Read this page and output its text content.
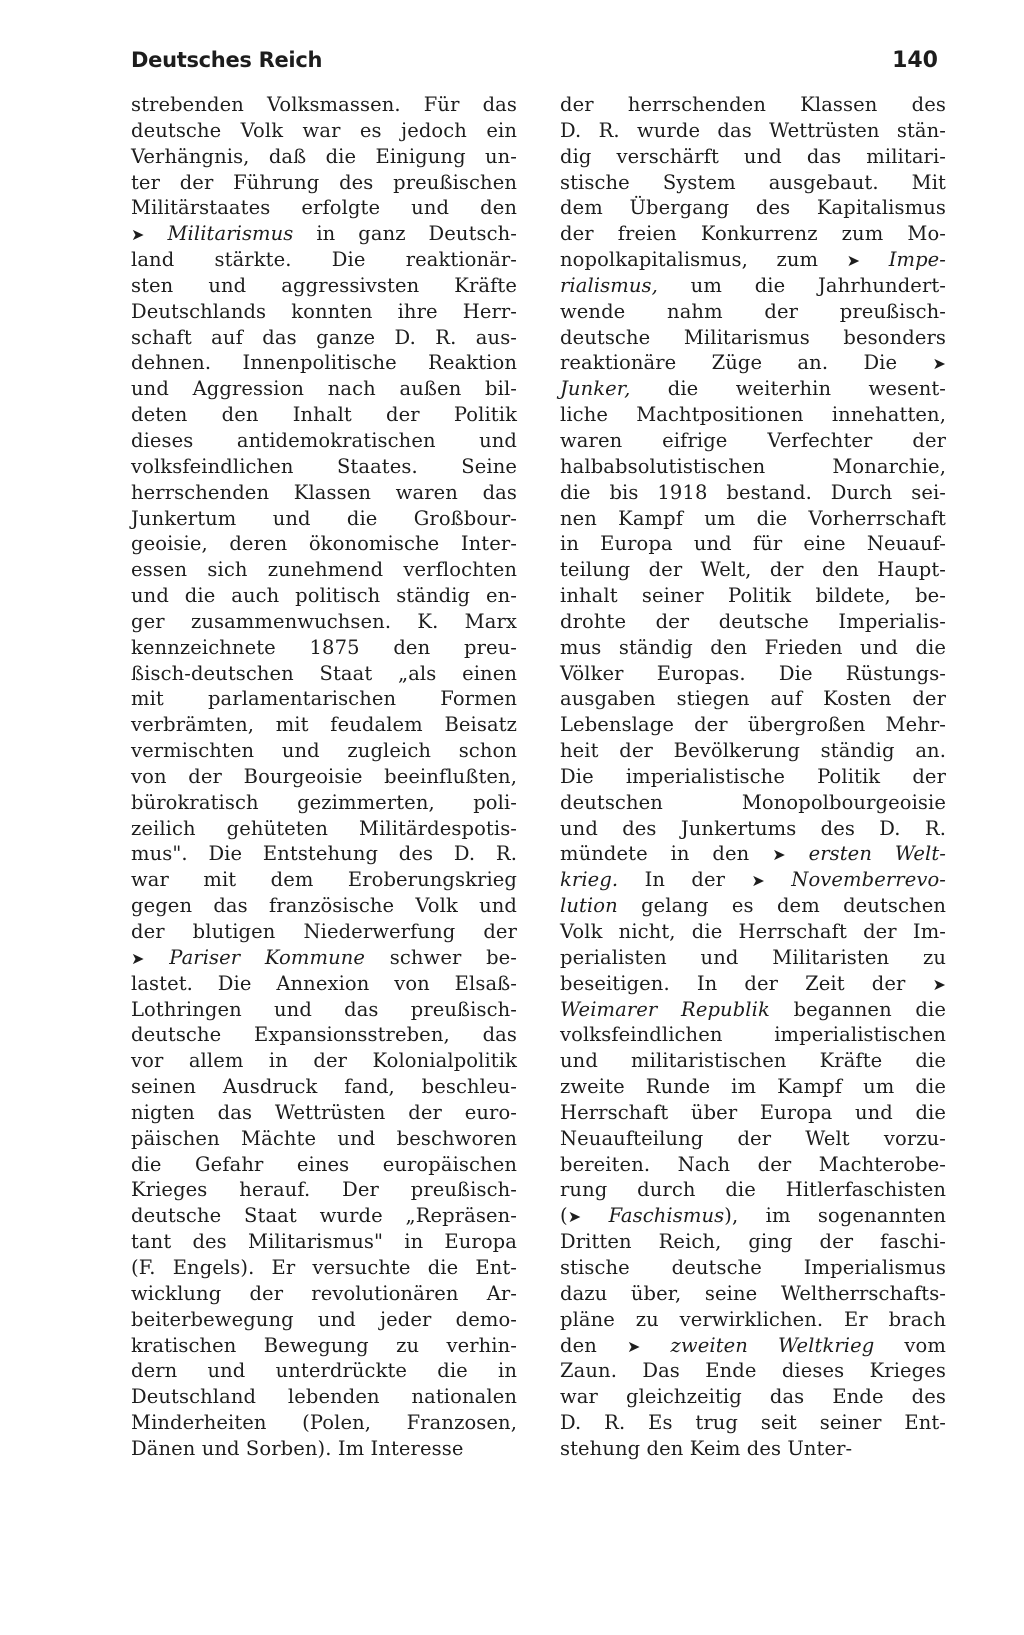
Deutsches Reich	140
strebenden Volksmassen. Für das
deutsche Volk war es jedoch ein
Verhängnis, daß die Einigung un-
ter der Führung des preußischen
Militärstaates erfolgte und den
➤ Militarismus in ganz Deutsch-
land stärkte. Die reaktionär-
sten und aggressivsten Kräfte
Deutschlands konnten ihre Herr-
schaft auf das ganze D. R. aus-
dehnen. Innenpolitische Reaktion
und Aggression nach außen bil-
deten den Inhalt der Politik
dieses antidemokratischen und
volksfeindlichen Staates. Seine
herrschenden Klassen waren das
Junkertum und die Großbour-
geoisie, deren ökonomische Inter-
essen sich zunehmend verflochten
und die auch politisch ständig en-
ger zusammenwuchsen. K. Marx
kennzeichnete 1875 den preu-
ßisch-deutschen Staat „als einen
mit parlamentarischen Formen
verbrämten, mit feudalem Beisatz
vermischten und zugleich schon
von der Bourgeoisie beeinflußten,
bürokratisch gezimmerten, poli-
zeilich gehüteten Militärdespotis-
mus". Die Entstehung des D. R.
war mit dem Eroberungskrieg
gegen das französische Volk und
der blutigen Niederwerfung der
➤ Pariser Kommune schwer be-
lastet. Die Annexion von Elsaß-
Lothringen und das preußisch-
deutsche Expansionsstreben, das
vor allem in der Kolonialpolitik
seinen Ausdruck fand, beschleu-
nigten das Wettrüsten der euro-
päischen Mächte und beschworen
die Gefahr eines europäischen
Krieges herauf. Der preußisch-
deutsche Staat wurde „Repräsen-
tant des Militarismus" in Europa
(F. Engels). Er versuchte die Ent-
wicklung der revolutionären Ar-
beiterbewegung und jeder demo-
kratischen Bewegung zu verhin-
dern und unterdrückte die in
Deutschland lebenden nationalen
Minderheiten (Polen, Franzosen,
Dänen und Sorben). Im Interesse
der herrschenden Klassen des
D. R. wurde das Wettrüsten stän-
dig verschärft und das militari-
stische System ausgebaut. Mit
dem Übergang des Kapitalismus
der freien Konkurrenz zum Mo-
nopolkapitalismus, zum ➤ Impe-
rialismus, um die Jahrhundert-
wende nahm der preußisch-
deutsche Militarismus besonders
reaktionäre Züge an. Die ➤
Junker, die weiterhin wesent-
liche Machtpositionen innehatten,
waren eifrige Verfechter der
halbabsolutistischen Monarchie,
die bis 1918 bestand. Durch sei-
nen Kampf um die Vorherrschaft
in Europa und für eine Neuauf-
teilung der Welt, der den Haupt-
inhalt seiner Politik bildete, be-
drohte der deutsche Imperialis-
mus ständig den Frieden und die
Völker Europas. Die Rüstungs-
ausgaben stiegen auf Kosten der
Lebenslage der übergroßen Mehr-
heit der Bevölkerung ständig an.
Die imperialistische Politik der
deutschen Monopolbourgeoisie
und des Junkertums des D. R.
mündete in den ➤ ersten Welt-
krieg. In der ➤ Novemberrevo-
lution gelang es dem deutschen
Volk nicht, die Herrschaft der Im-
perialisten und Militaristen zu
beseitigen. In der Zeit der ➤
Weimarer Republik begannen die
volksfeindlichen imperialistischen
und militaristischen Kräfte die
zweite Runde im Kampf um die
Herrschaft über Europa und die
Neuaufteilung der Welt vorzu-
bereiten. Nach der Machterobe-
rung durch die Hitlerfaschisten
(➤ Faschismus), im sogenannten
Dritten Reich, ging der faschi-
stische deutsche Imperialismus
dazu über, seine Weltherrschafts-
pläne zu verwirklichen. Er brach
den ➤ zweiten Weltkrieg vom
Zaun. Das Ende dieses Krieges
war gleichzeitig das Ende des
D. R. Es trug seit seiner Ent-
stehung den Keim des Unter-
